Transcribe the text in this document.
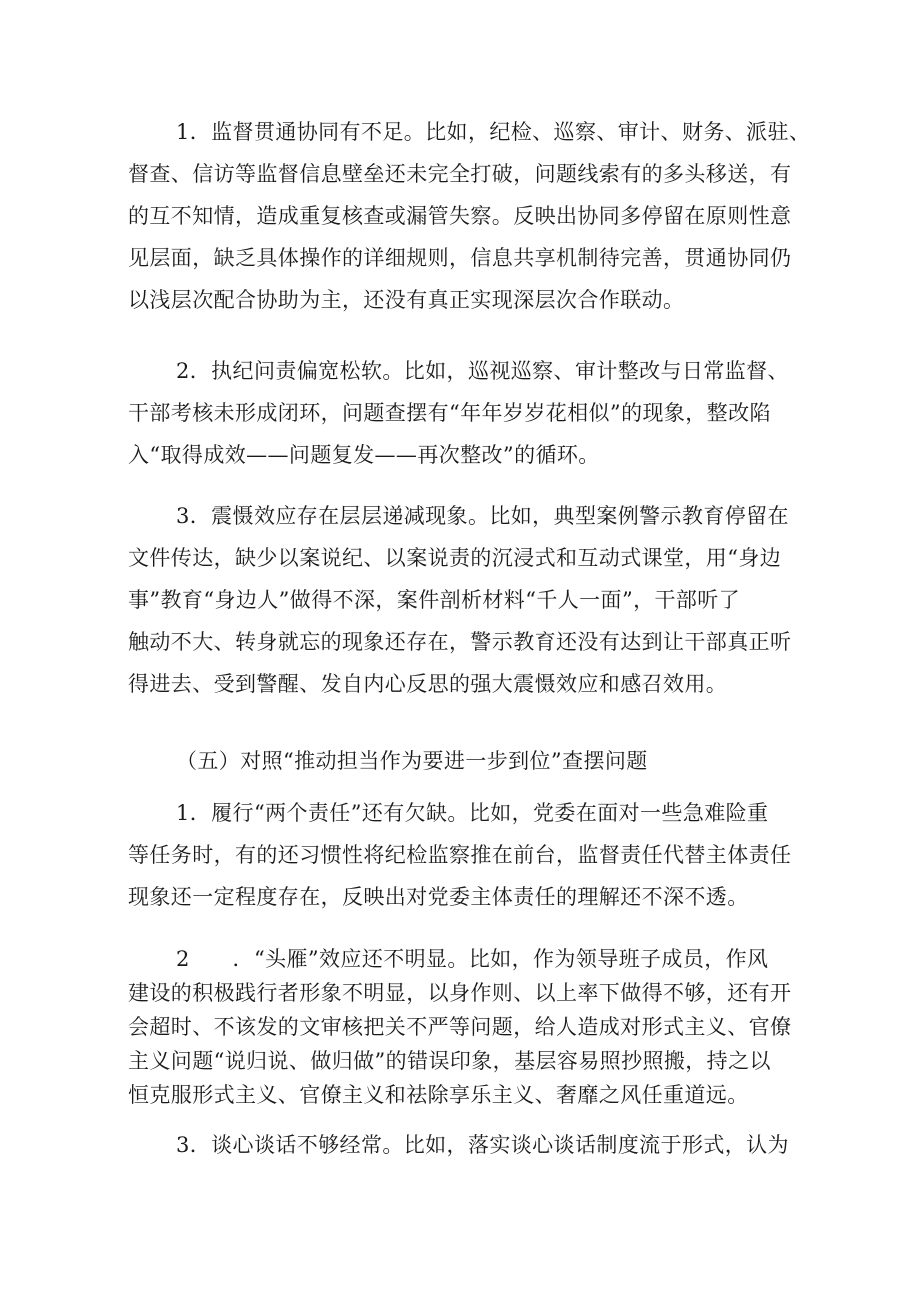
1．监督贯通协同有不足。比如，纪检、巡察、审计、财务、派驻、
督查、信访等监督信息壁垒还未完全打破，问题线索有的多头移送，有
的互不知情，造成重复核查或漏管失察。反映出协同多停留在原则性意
见层面，缺乏具体操作的详细规则，信息共享机制待完善，贯通协同仍
以浅层次配合协助为主，还没有真正实现深层次合作联动。
2．执纪问责偏宽松软。比如，巡视巡察、审计整改与日常监督、
干部考核未形成闭环，问题查摆有“年年岁岁花相似”的现象，整改陷
入“取得成效——问题复发——再次整改”的循环。
3．震慑效应存在层层递减现象。比如，典型案例警示教育停留在
文件传达，缺少以案说纪、以案说责的沉浸式和互动式课堂，用“身边
事”教育“身边人”做得不深，案件剖析材料“千人一面”，干部听了
触动不大、转身就忘的现象还存在，警示教育还没有达到让干部真正听
得进去、受到警醒、发自内心反思的强大震慑效应和感召效用。
（五）对照“推动担当作为要进一步到位”查摆问题
1．履行“两个责任”还有欠缺。比如，党委在面对一些急难险重
等任务时，有的还习惯性将纪检监察推在前台，监督责任代替主体责任
现象还一定程度存在，反映出对党委主体责任的理解还不深不透。
2　　．“头雁”效应还不明显。比如，作为领导班子成员，作风
建设的积极践行者形象不明显，以身作则、以上率下做得不够，还有开
会超时、不该发的文审核把关不严等问题，给人造成对形式主义、官僚
主义问题“说归说、做归做”的错误印象，基层容易照抄照搬，持之以
恒克服形式主义、官僚主义和祛除享乐主义、奢靡之风任重道远。
3．谈心谈话不够经常。比如，落实谈心谈话制度流于形式，认为
